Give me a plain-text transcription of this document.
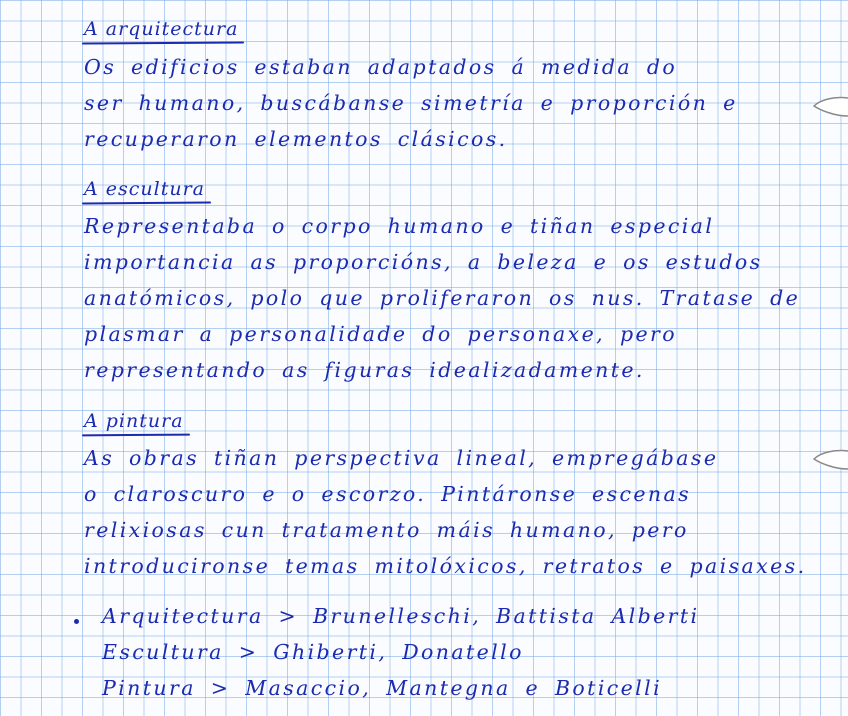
A arquitectura
Os edificios estaban adaptados á medida do
ser humano, buscábanse simetría e proporción e
recuperaron elementos clásicos.
A escultura
Representaba o corpo humano e tiñan especial
importancia as proporcións, a beleza e os estudos
anatómicos, polo que proliferaron os nus. Tratase de
plasmar a personalidade do personaxe, pero
representando as figuras idealizadamente.
A pintura
As obras tiñan perspectiva lineal, empregábase
o claroscuro e o escorzo. Pintáronse escenas
relixiosas cun tratamento máis humano, pero
introducironse temas mitolóxicos, retratos e paisaxes.
Arquitectura > Brunelleschi, Battista Alberti
Escultura > Ghiberti, Donatello
Pintura > Masaccio, Mantegna e Boticelli
